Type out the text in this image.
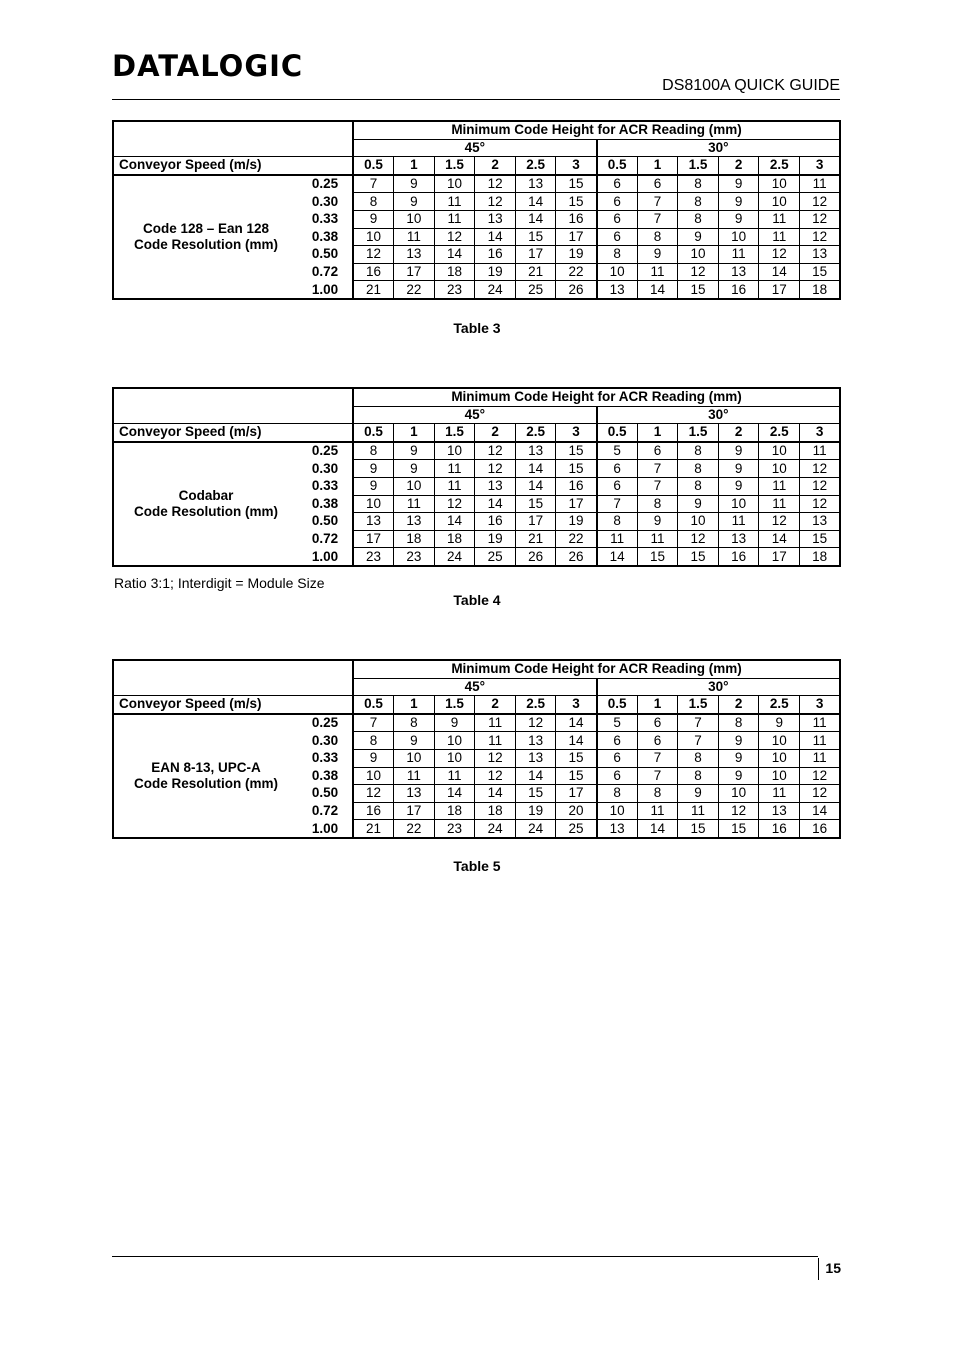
DATALOGIC
DS8100A QUICK GUIDE
		Minimum Code Height for ACR Reading (mm)											
		45°						30°					
Conveyor Speed (m/s)		0.5	1	1.5	2	2.5	3	0.5	1	1.5	2	2.5	3

Code 128 – Ean 128
Code Resolution (mm)	0.25	7	9	10	12	13	15	6	6	8	9	10	11
	0.30	8	9	11	12	14	15	6	7	8	9	10	12
	0.33	9	10	11	13	14	16	6	7	8	9	11	12
	0.38	10	11	12	14	15	17	6	8	9	10	11	12
	0.50	12	13	14	16	17	19	8	9	10	11	12	13
	0.72	16	17	18	19	21	22	10	11	12	13	14	15
	1.00	21	22	23	24	25	26	13	14	15	16	17	18
Table 3
		Minimum Code Height for ACR Reading (mm)											
		45°						30°					
Conveyor Speed (m/s)		0.5	1	1.5	2	2.5	3	0.5	1	1.5	2	2.5	3

Codabar
Code Resolution (mm)	0.25	8	9	10	12	13	15	5	6	8	9	10	11
	0.30	9	9	11	12	14	15	6	7	8	9	10	12
	0.33	9	10	11	13	14	16	6	7	8	9	11	12
	0.38	10	11	12	14	15	17	7	8	9	10	11	12
	0.50	13	13	14	16	17	19	8	9	10	11	12	13
	0.72	17	18	18	19	21	22	11	11	12	13	14	15
	1.00	23	23	24	25	26	26	14	15	15	16	17	18
Ratio 3:1; Interdigit = Module Size
Table 4
		Minimum Code Height for ACR Reading (mm)											
		45°						30°					
Conveyor Speed (m/s)		0.5	1	1.5	2	2.5	3	0.5	1	1.5	2	2.5	3

EAN 8-13, UPC-A
Code Resolution (mm)	0.25	7	8	9	11	12	14	5	6	7	8	9	11
	0.30	8	9	10	11	13	14	6	6	7	9	10	11
	0.33	9	10	10	12	13	15	6	7	8	9	10	11
	0.38	10	11	11	12	14	15	6	7	8	9	10	12
	0.50	12	13	14	14	15	17	8	8	9	10	11	12
	0.72	16	17	18	18	19	20	10	11	11	12	13	14
	1.00	21	22	23	24	24	25	13	14	15	15	16	16
Table 5
15
